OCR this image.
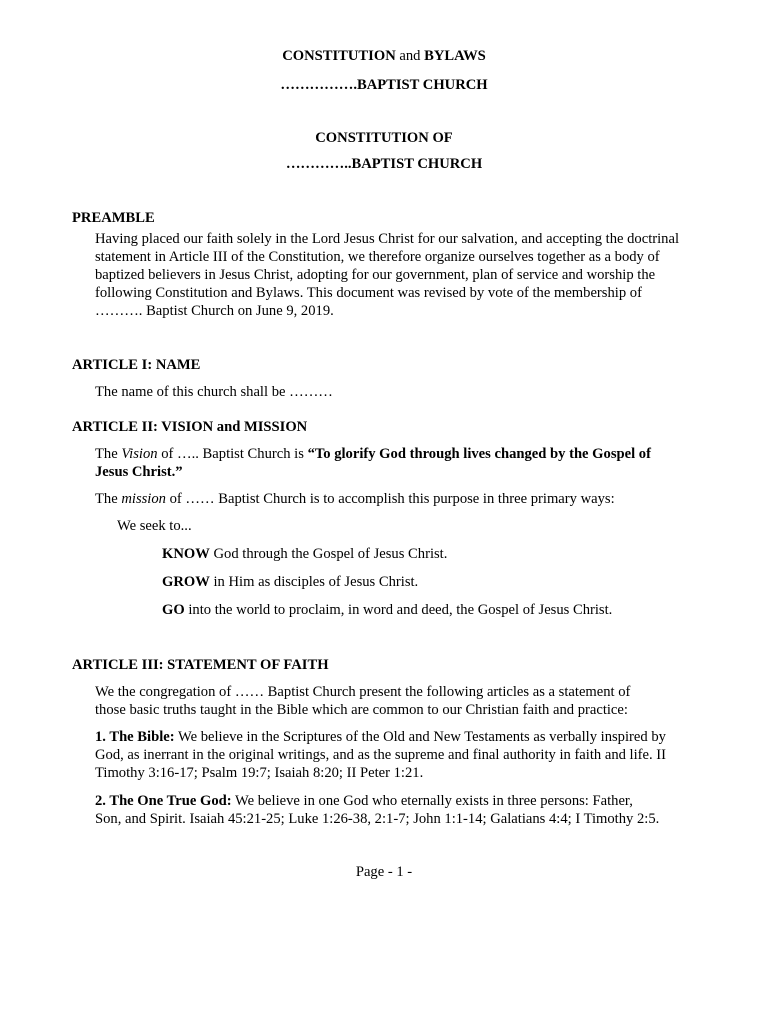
CONSTITUTION and BYLAWS
…………….BAPTIST CHURCH
CONSTITUTION OF
…………..BAPTIST CHURCH
PREAMBLE
Having placed our faith solely in the Lord Jesus Christ for our salvation, and accepting the doctrinal
statement in Article III of the Constitution, we therefore organize ourselves together as a body of
baptized believers in Jesus Christ, adopting for our government, plan of service and worship the
following Constitution and Bylaws. This document was revised by vote of the membership of
………. Baptist Church on June 9, 2019.
ARTICLE I: NAME
The name of this church shall be ………
ARTICLE II: VISION and MISSION
The Vision of ….. Baptist Church is “To glorify God through lives changed by the Gospel of
Jesus Christ.”
The mission of …… Baptist Church is to accomplish this purpose in three primary ways:
We seek to...
KNOW God through the Gospel of Jesus Christ.
GROW in Him as disciples of Jesus Christ.
GO into the world to proclaim, in word and deed, the Gospel of Jesus Christ.
ARTICLE III: STATEMENT OF FAITH
We the congregation of …… Baptist Church present the following articles as a statement of
those basic truths taught in the Bible which are common to our Christian faith and practice:
1. The Bible: We believe in the Scriptures of the Old and New Testaments as verbally inspired by
God, as inerrant in the original writings, and as the supreme and final authority in faith and life. II
Timothy 3:16-17; Psalm 19:7; Isaiah 8:20; II Peter 1:21.
2. The One True God: We believe in one God who eternally exists in three persons: Father,
Son, and Spirit. Isaiah 45:21-25; Luke 1:26-38, 2:1-7; John 1:1-14; Galatians 4:4; I Timothy 2:5.
Page - 1 -
